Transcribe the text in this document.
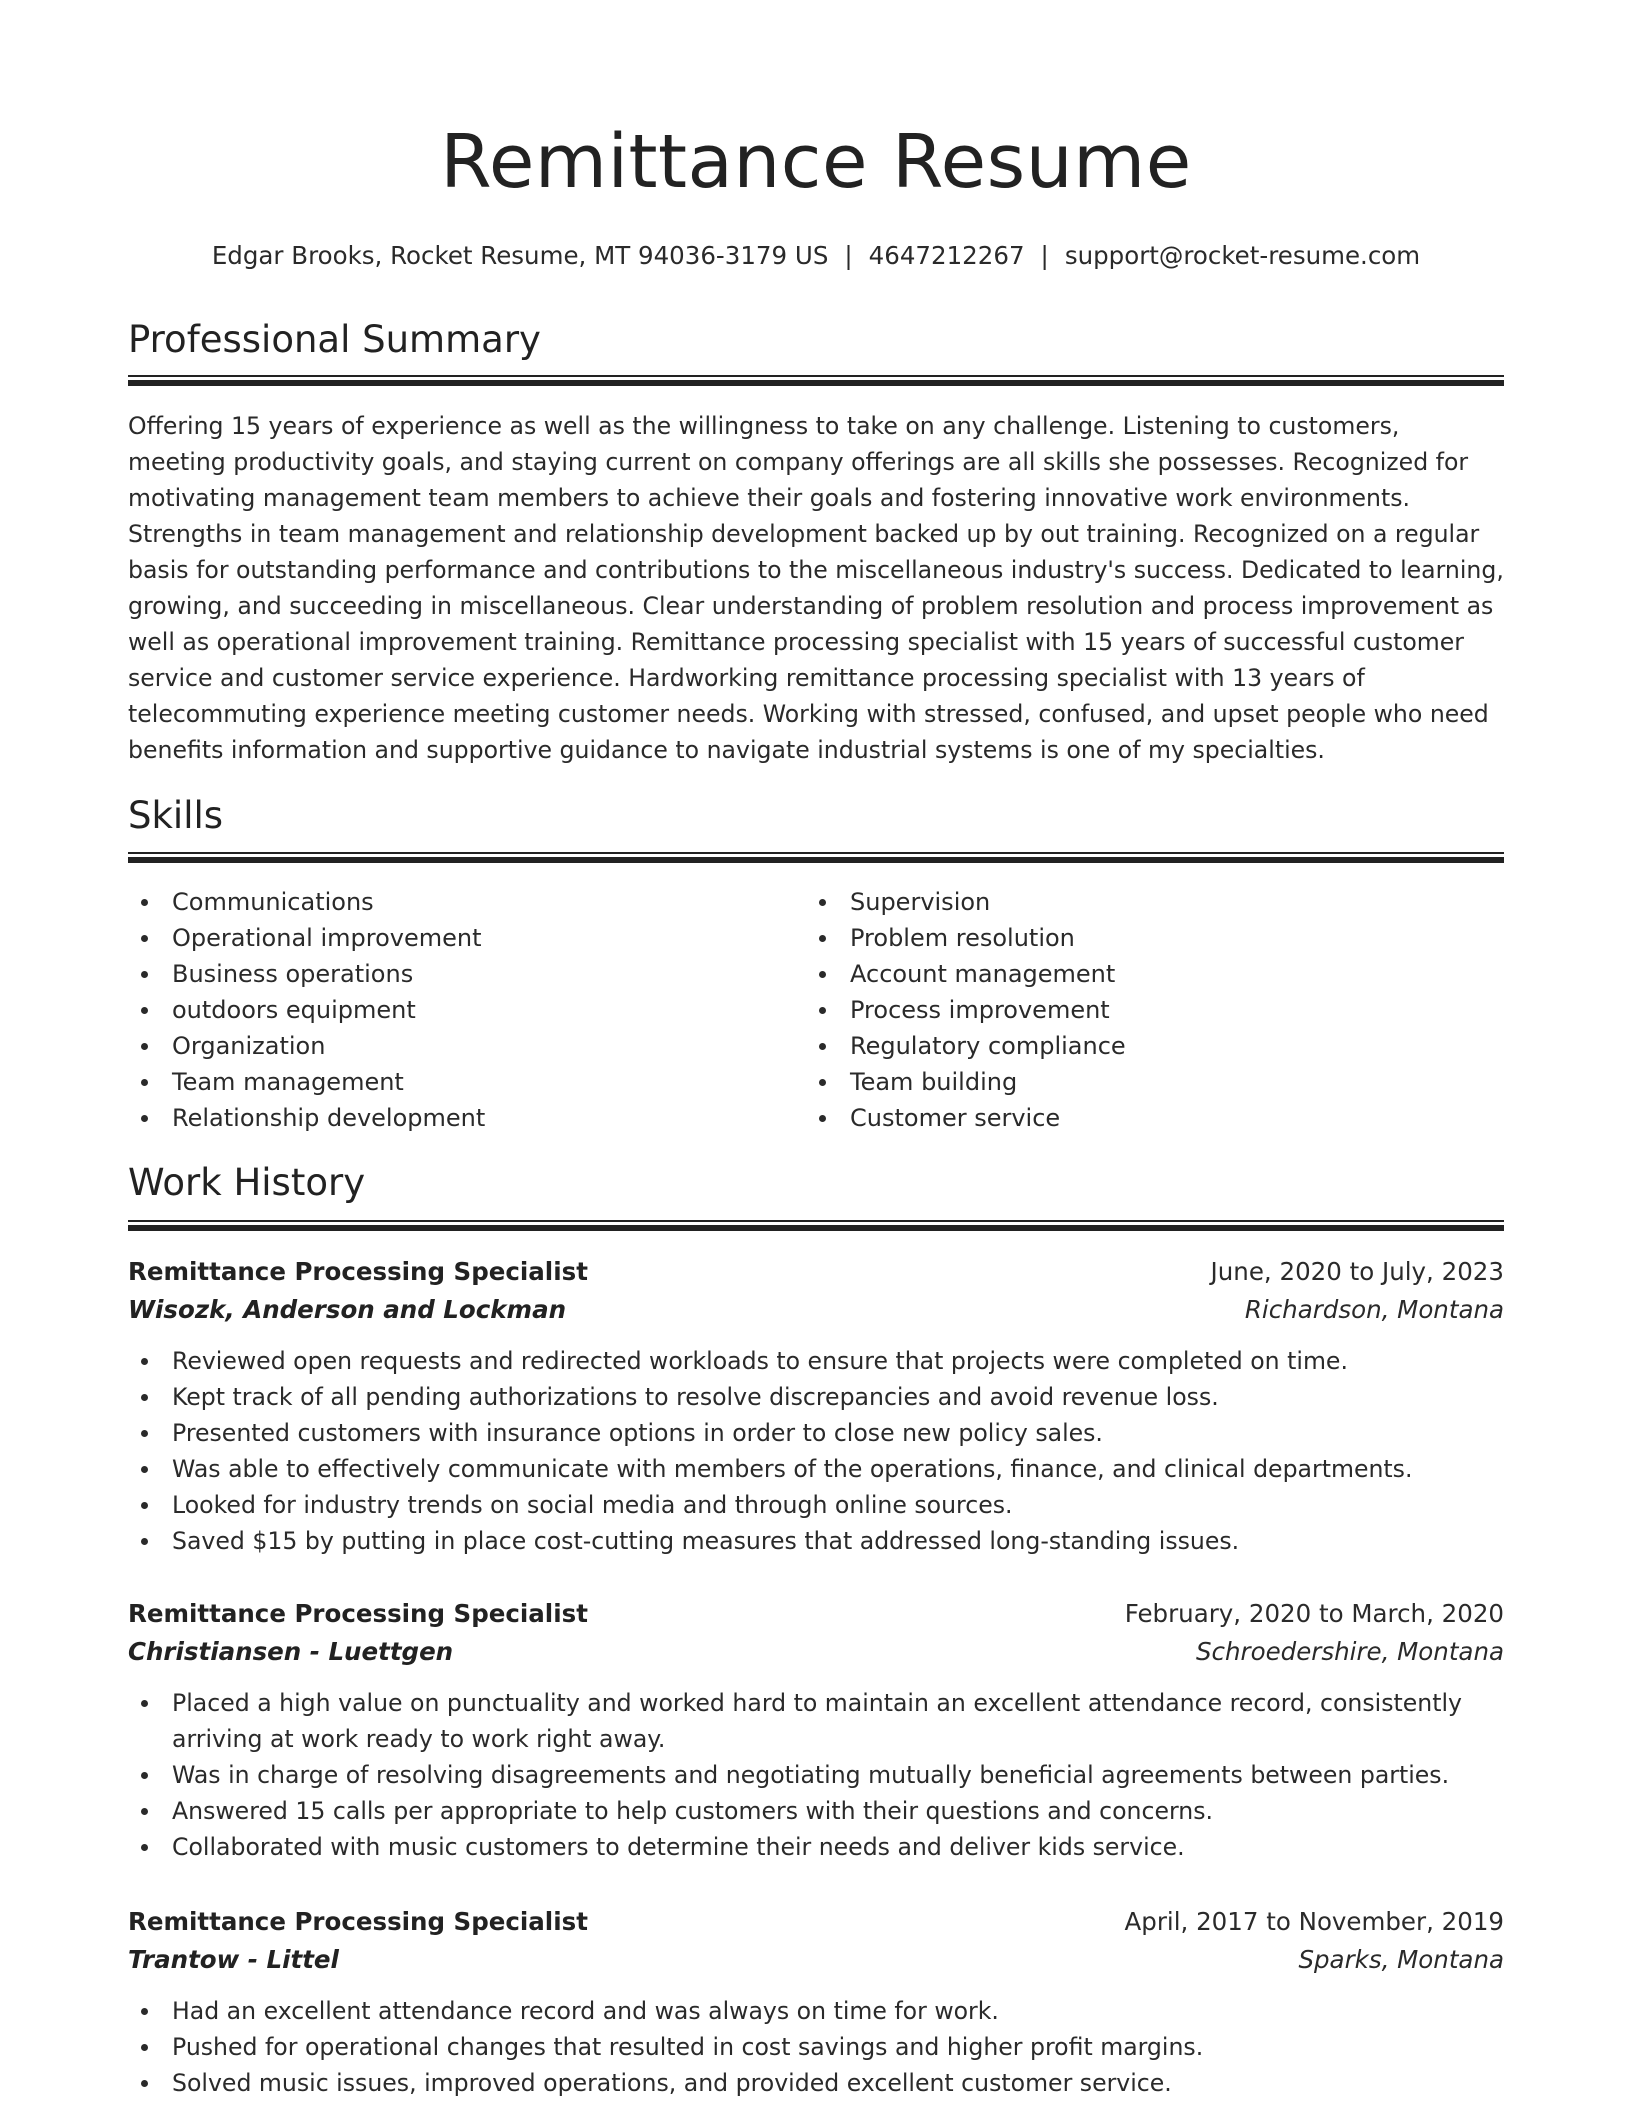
Remittance Resume
Edgar Brooks, Rocket Resume, MT 94036-3179 US | 4647212267 | support@rocket-resume.com
Professional Summary

Offering 15 years of experience as well as the willingness to take on any challenge. Listening to customers, meeting productivity goals, and staying current on company offerings are all skills she possesses. Recognized for motivating management team members to achieve their goals and fostering innovative work environments. Strengths in team management and relationship development backed up by out training. Recognized on a regular basis for outstanding performance and contributions to the miscellaneous industry's success. Dedicated to learning, growing, and succeeding in miscellaneous. Clear understanding of problem resolution and process improvement as well as operational improvement training. Remittance processing specialist with 15 years of successful customer service and customer service experience. Hardworking remittance processing specialist with 13 years of telecommuting experience meeting customer needs. Working with stressed, confused, and upset people who need benefits information and supportive guidance to navigate industrial systems is one of my specialties.

Skills
Communications
Operational improvement
Business operations
outdoors equipment
Organization
Team management
Relationship development
Supervision
Problem resolution
Account management
Process improvement
Regulatory compliance
Team building
Customer service
Work History
Remittance Processing Specialist	June, 2020 to July, 2023
Wisozk, Anderson and Lockman	Richardson, Montana
Reviewed open requests and redirected workloads to ensure that projects were completed on time.
Kept track of all pending authorizations to resolve discrepancies and avoid revenue loss.
Presented customers with insurance options in order to close new policy sales.
Was able to effectively communicate with members of the operations, finance, and clinical departments.
Looked for industry trends on social media and through online sources.
Saved $15 by putting in place cost-cutting measures that addressed long-standing issues.
Remittance Processing Specialist	February, 2020 to March, 2020
Christiansen - Luettgen	Schroedershire, Montana
Placed a high value on punctuality and worked hard to maintain an excellent attendance record, consistently arriving at work ready to work right away.
Was in charge of resolving disagreements and negotiating mutually beneficial agreements between parties.
Answered 15 calls per appropriate to help customers with their questions and concerns.
Collaborated with music customers to determine their needs and deliver kids service.
Remittance Processing Specialist	April, 2017 to November, 2019
Trantow - Littel	Sparks, Montana
Had an excellent attendance record and was always on time for work.
Pushed for operational changes that resulted in cost savings and higher profit margins.
Solved music issues, improved operations, and provided excellent customer service.
